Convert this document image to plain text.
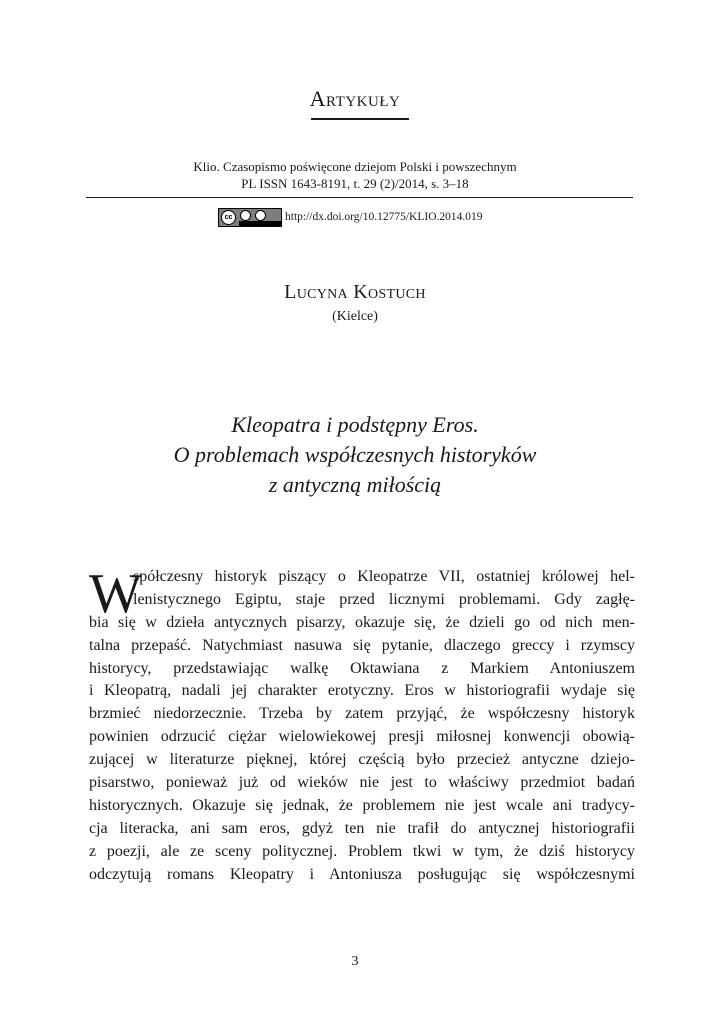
Artykuły
Klio. Czasopismo poświęcone dziejom Polski i powszechnym
PL ISSN 1643-8191, t. 29 (2)/2014, s. 3–18
cc	http://dx.doi.org/10.12775/KLIO.2014.019
Lucyna Kostuch
(Kielce)
Kleopatra i podstępny Eros.
O problemach współczesnych historyków
z antyczną miłością
W
spółczesny historyk piszący o Kleopatrze VII, ostatniej królowej hel-
lenistycznego Egiptu, staje przed licznymi problemami. Gdy zagłę-
bia się w dzieła antycznych pisarzy, okazuje się, że dzieli go od nich men-
talna przepaść. Natychmiast nasuwa się pytanie, dlaczego greccy i rzymscy
historycy, przedstawiając walkę Oktawiana z Markiem Antoniuszem
i Kleopatrą, nadali jej charakter erotyczny. Eros w historiografii wydaje się
brzmieć niedorzecznie. Trzeba by zatem przyjąć, że współczesny historyk
powinien odrzucić ciężar wielowiekowej presji miłosnej konwencji obowią-
zującej w literaturze pięknej, której częścią było przecież antyczne dziejo-
pisarstwo, ponieważ już od wieków nie jest to właściwy przedmiot badań
historycznych. Okazuje się jednak, że problemem nie jest wcale ani tradycy-
cja literacka, ani sam eros, gdyż ten nie trafił do antycznej historiografii
z poezji, ale ze sceny politycznej. Problem tkwi w tym, że dziś historycy
odczytują romans Kleopatry i Antoniusza posługując się współczesnymi
3
